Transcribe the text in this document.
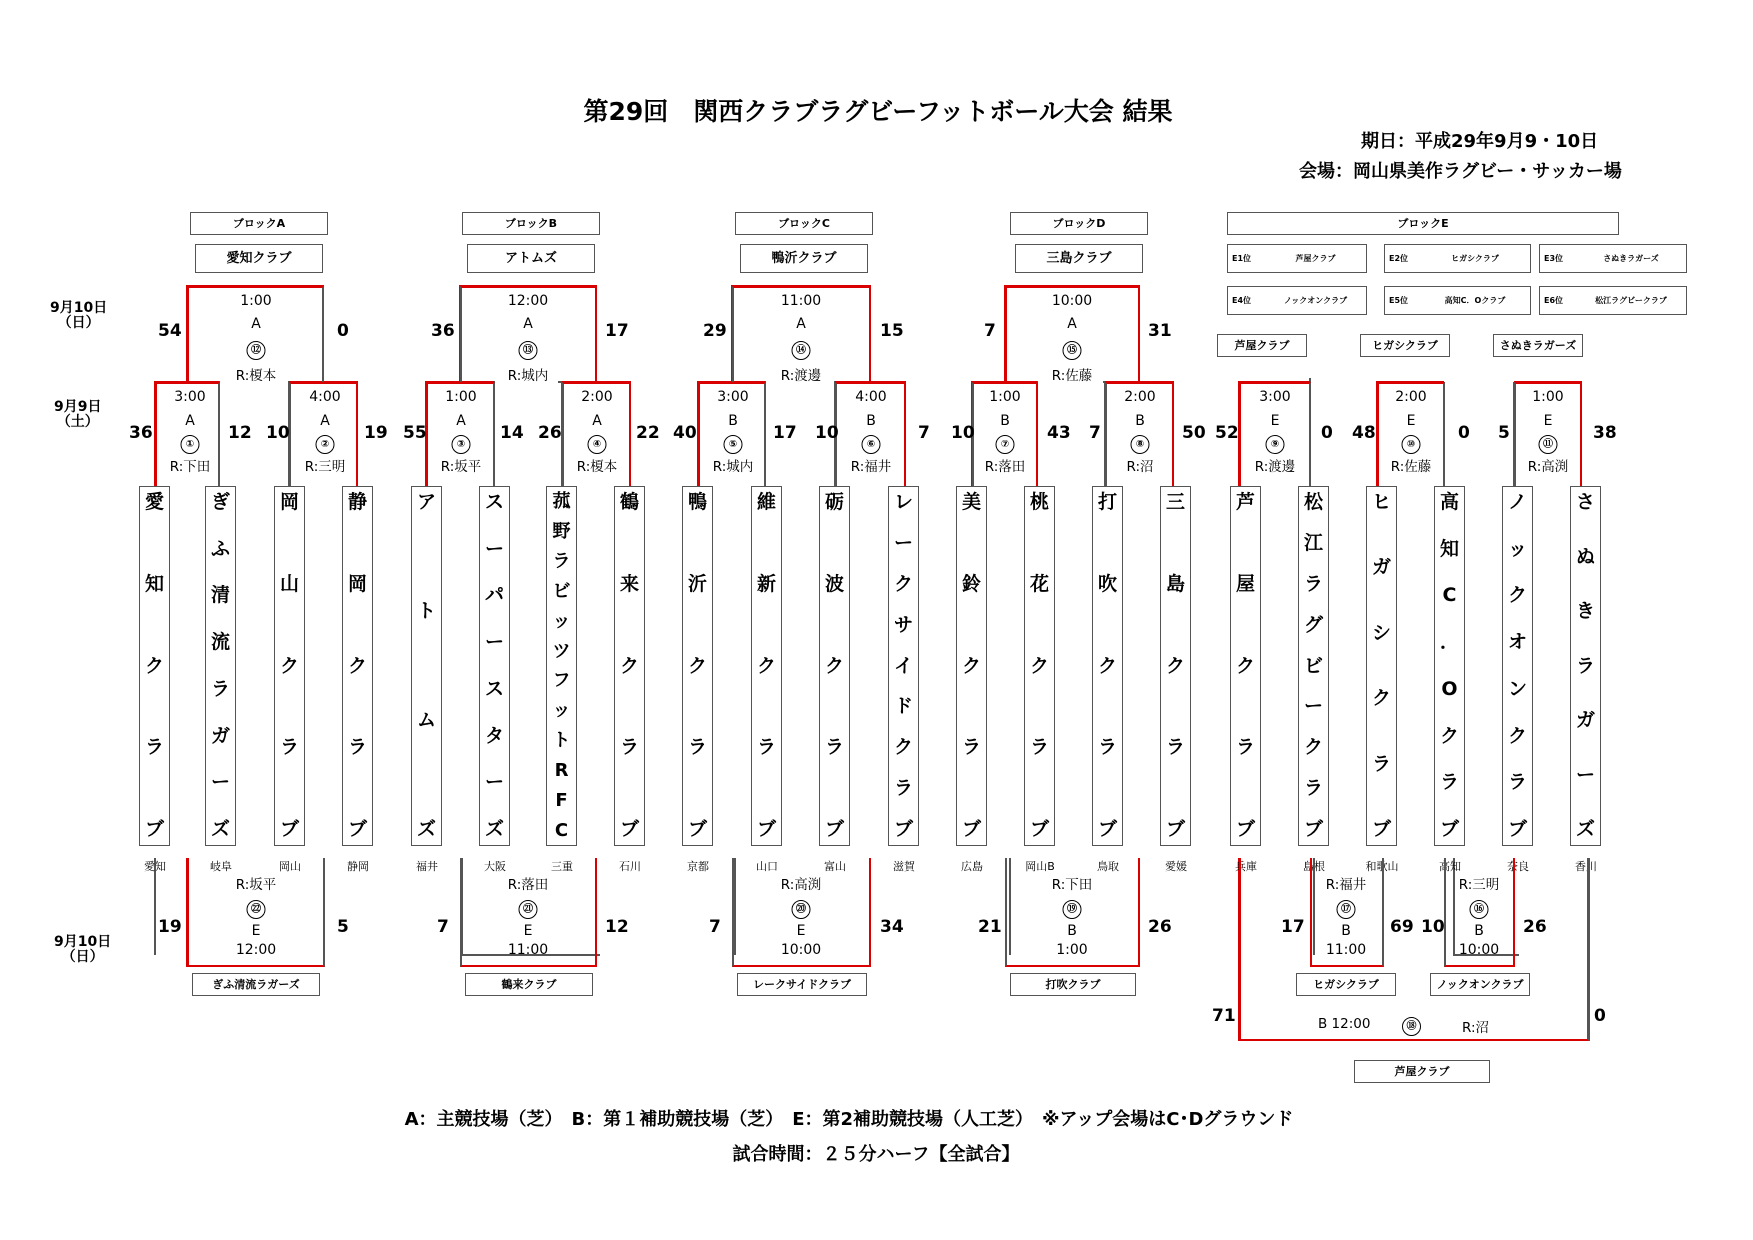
第29回　関西クラブラグビーフットボール大会 結果
期日：平成29年9月9・10日
会場：岡山県美作ラグビー・サッカー場
9月10日
（日）
9月9日
（土）
9月10日
（日）
ブロックA	ブロックB	ブロックC	ブロックD	ブロックE
愛知クラブ	アトムズ	鴨沂クラブ	三島クラブ	E1位	芦屋クラブ	E2位	ヒガシクラブ	E3位	さぬきラガーズ
E4位	ノックオンクラブ	E5位	高知C．Oクラブ	E6位	松江ラグビークラブ
芦屋クラブ	ヒガシクラブ	さぬきラガーズ
1:00
A
⑫
R:榎本
54	0
12:00
A
⑬
R:城内
36	17
11:00
A
⑭
R:渡邊
29	15
10:00
A
⑮
R:佐藤
7	31
3:00
A
①
R:下田
36	12
4:00
A
②
R:三明
10	19
1:00
A
③
R:坂平
55	14
2:00
A
④
R:榎本
26	22
3:00
B
⑤
R:城内
40	17
4:00
B
⑥
R:福井
10	7
1:00
B
⑦
R:落田
10	43
2:00
B
⑧
R:沼
7	50
3:00
E
⑨
R:渡邊
52	0
2:00
E
⑩
R:佐藤
48	0
1:00
E
⑪
R:高渕
5	38
愛
知
ク
ラ
ブ
愛知
ぎ
ふ
清
流
ラ
ガ
ー
ズ
岐阜
岡
山
ク
ラ
ブ
岡山
静
岡
ク
ラ
ブ
静岡
ア
ト
ム
ズ
福井
ス
ー
パ
ー
ス
タ
ー
ズ
大阪
菰
野
ラ
ビ
ッ
ツ
フ
ッ
ト
R
F
C
三重
鶴
来
ク
ラ
ブ
石川
鴨
沂
ク
ラ
ブ
京都
維
新
ク
ラ
ブ
山口
砺
波
ク
ラ
ブ
富山
レ
ー
ク
サ
イ
ド
ク
ラ
ブ
滋賀
美
鈴
ク
ラ
ブ
広島
桃
花
ク
ラ
ブ
岡山B
打
吹
ク
ラ
ブ
鳥取
三
島
ク
ラ
ブ
愛媛
芦
屋
ク
ラ
ブ
兵庫
松
江
ラ
グ
ビ
ー
ク
ラ
ブ
島根
ヒ
ガ
シ
ク
ラ
ブ
和歌山
高
知
C
．
O
ク
ラ
ブ
高知
ノ
ッ
ク
オ
ン
ク
ラ
ブ
奈良
さ
ぬ
き
ラ
ガ
ー
ズ
香川
R:坂平
㉒
E
12:00
19	5
ぎふ清流ラガーズ
R:落田
㉑
E
11:00
7	12
鶴来クラブ
R:高渕
⑳
E
10:00
7	34
レークサイドクラブ
R:下田
⑲
B
1:00
21	26
打吹クラブ
R:福井
⑰
B
11:00
17	69
ヒガシクラブ
R:三明
⑯
B
10:00
10	26
ノックオンクラブ
B 12:00	⑱	R:沼
71	0
芦屋クラブ
A：主競技場（芝）　B：第１補助競技場（芝）　E：第2補助競技場（人工芝）　※アップ会場はC･Dグラウンド
試合時間：２５分ハーフ【全試合】
